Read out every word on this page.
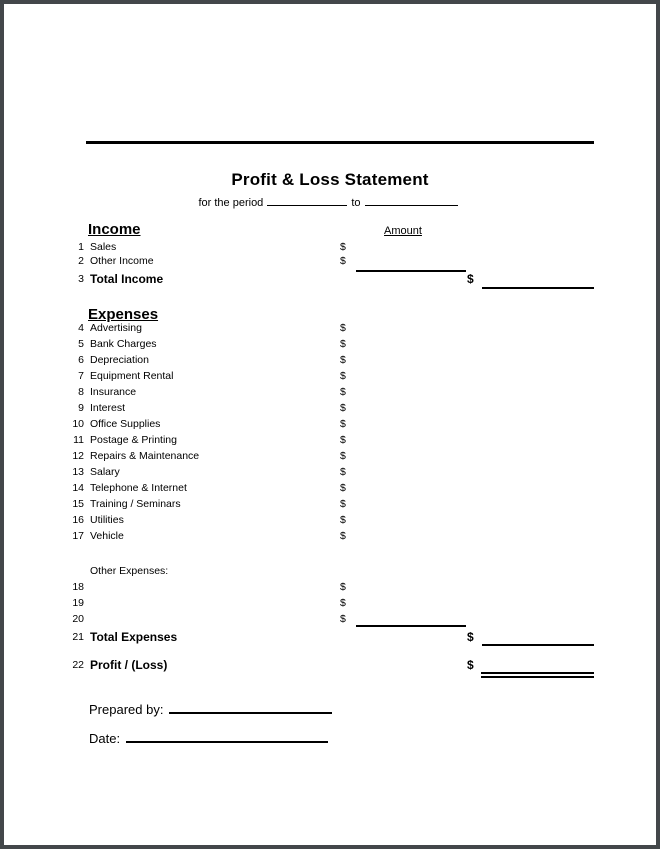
Profit & Loss Statement
for the period	to
Income	Amount
1 Sales	$
2 Other Income	$
3 Total Income	$
Expenses
4 Advertising	$
5 Bank Charges	$
6 Depreciation	$
7 Equipment Rental	$
8 Insurance	$
9 Interest	$
10 Office Supplies	$
11 Postage & Printing	$
12 Repairs & Maintenance	$
13 Salary	$
14 Telephone & Internet	$
15 Training / Seminars	$
16 Utilities	$
17 Vehicle	$
Other Expenses:
18	$
19	$
20	$
21 Total Expenses	$
22 Profit / (Loss)	$
Prepared by:
Date:
